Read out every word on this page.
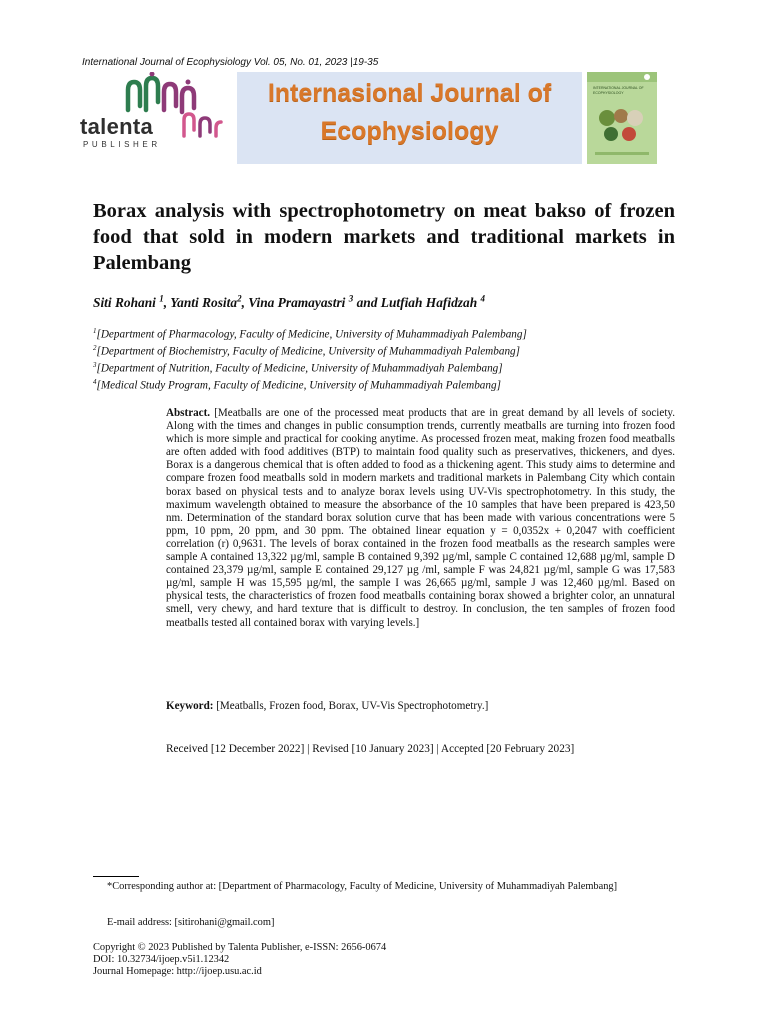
International Journal of Ecophysiology Vol. 05, No. 01, 2023 |19-35
talenta
PUBLISHER
Internasional Journal of
Ecophysiology
INTERNATIONAL JOURNAL OF ECOPHYSIOLOGY
Borax analysis with spectrophotometry on meat bakso of frozen food that sold in modern markets and traditional markets in Palembang
Siti Rohani $^1$, Yanti Rosita$^2$, Vina Pramayastri $^3$ and Lutfiah Hafidzah $^4$
$^1$[Department of Pharmacology, Faculty of Medicine, University of Muhammadiyah Palembang]
$^2$[Department of Biochemistry, Faculty of Medicine, University of Muhammadiyah Palembang]
$^3$[Department of Nutrition, Faculty of Medicine, University of Muhammadiyah Palembang]
$^4$[Medical Study Program, Faculty of Medicine, University of Muhammadiyah Palembang]
Abstract. [Meatballs are one of the processed meat products that are in great demand by all levels of society. Along with the times and changes in public consumption trends, currently meatballs are turning into frozen food which is more simple and practical for cooking anytime. As processed frozen meat, making frozen food meatballs are often added with food additives (BTP) to maintain food quality such as preservatives, thickeners, and dyes. Borax is a dangerous chemical that is often added to food as a thickening agent. This study aims to determine and compare frozen food meatballs sold in modern markets and traditional markets in Palembang City which contain borax based on physical tests and to analyze borax levels using UV-Vis spectrophotometry. In this study, the maximum wavelength obtained to measure the absorbance of the 10 samples that have been prepared is 423,50 nm. Determination of the standard borax solution curve that has been made with various concentrations were 5 ppm, 10 ppm, 20 ppm, and 30 ppm. The obtained linear equation y = 0,0352x + 0,2047 with coefficient correlation (r) 0,9631. The levels of borax contained in the frozen food meatballs as the research samples were sample A contained 13,322 µg/ml, sample B contained 9,392 µg/ml, sample C contained 12,688 µg/ml, sample D contained 23,379 µg/ml, sample E contained 29,127 µg /ml, sample F was 24,821 µg/ml, sample G was 17,583 µg/ml, sample H was 15,595 µg/ml, the sample I was 26,665 µg/ml, sample J was 12,460 µg/ml. Based on physical tests, the characteristics of frozen food meatballs containing borax showed a brighter color, an unnatural smell, very chewy, and hard texture that is difficult to destroy. In conclusion, the ten samples of frozen food meatballs tested all contained borax with varying levels.]
Keyword: [Meatballs, Frozen food, Borax, UV-Vis Spectrophotometry.]
Received [12 December 2022] | Revised [10 January 2023] | Accepted [20 February 2023]
*Corresponding author at: [Department of Pharmacology, Faculty of Medicine, University of Muhammadiyah Palembang]
E-mail address: [sitirohani@gmail.com]
Copyright © 2023 Published by Talenta Publisher, e-ISSN: 2656-0674
DOI: 10.32734/ijoep.v5i1.12342
Journal Homepage: http://ijoep.usu.ac.id
